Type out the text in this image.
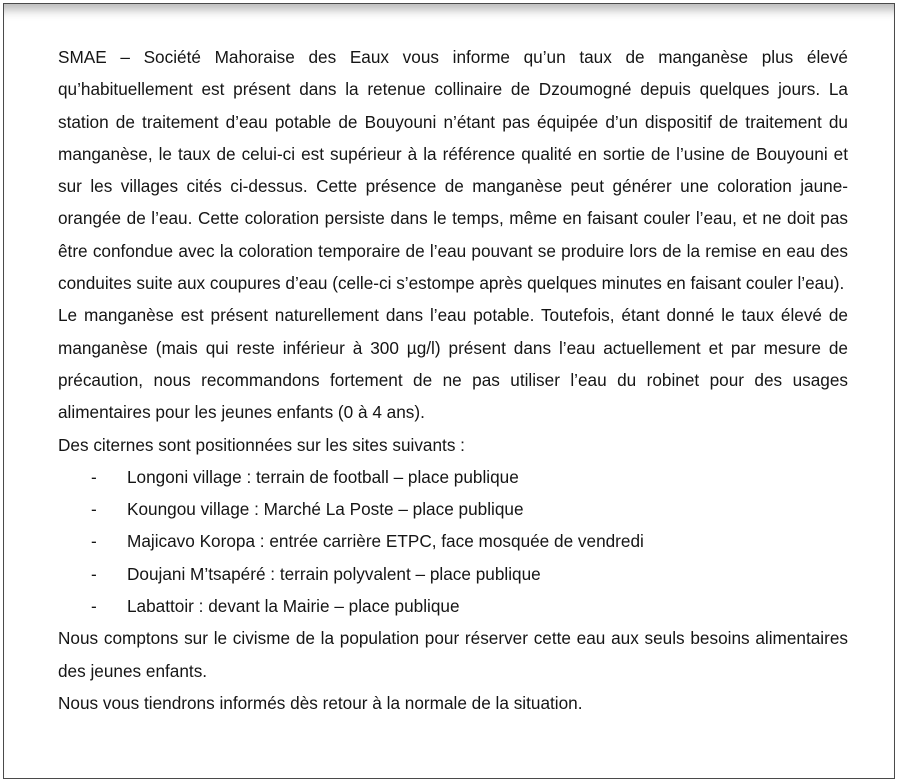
SMAE – Société Mahoraise des Eaux vous informe qu’un taux de manganèse plus élevé qu’habituellement est présent dans la retenue collinaire de Dzoumogné depuis quelques jours. La station de traitement d’eau potable de Bouyouni n’étant pas équipée d’un dispositif de traitement du manganèse, le taux de celui-ci est supérieur à la référence qualité en sortie de l’usine de Bouyouni et sur les villages cités ci-dessus. Cette présence de manganèse peut générer une coloration jaune-orangée de l’eau. Cette coloration persiste dans le temps, même en faisant couler l’eau, et ne doit pas être confondue avec la coloration temporaire de l’eau pouvant se produire lors de la remise en eau des conduites suite aux coupures d’eau (celle-ci s’estompe après quelques minutes en faisant couler l’eau).

Le manganèse est présent naturellement dans l’eau potable. Toutefois, étant donné le taux élevé de manganèse (mais qui reste inférieur à 300 µg/l) présent dans l’eau actuellement et par mesure de précaution, nous recommandons fortement de ne pas utiliser l’eau du robinet pour des usages alimentaires pour les jeunes enfants (0 à 4 ans).

Des citernes sont positionnées sur les sites suivants :

- Longoni village : terrain de football – place publique
- Koungou village : Marché La Poste – place publique
- Majicavo Koropa : entrée carrière ETPC, face mosquée de vendredi
- Doujani M’tsapéré : terrain polyvalent – place publique
- Labattoir : devant la Mairie – place publique

Nous comptons sur le civisme de la population pour réserver cette eau aux seuls besoins alimentaires des jeunes enfants.

Nous vous tiendrons informés dès retour à la normale de la situation.
